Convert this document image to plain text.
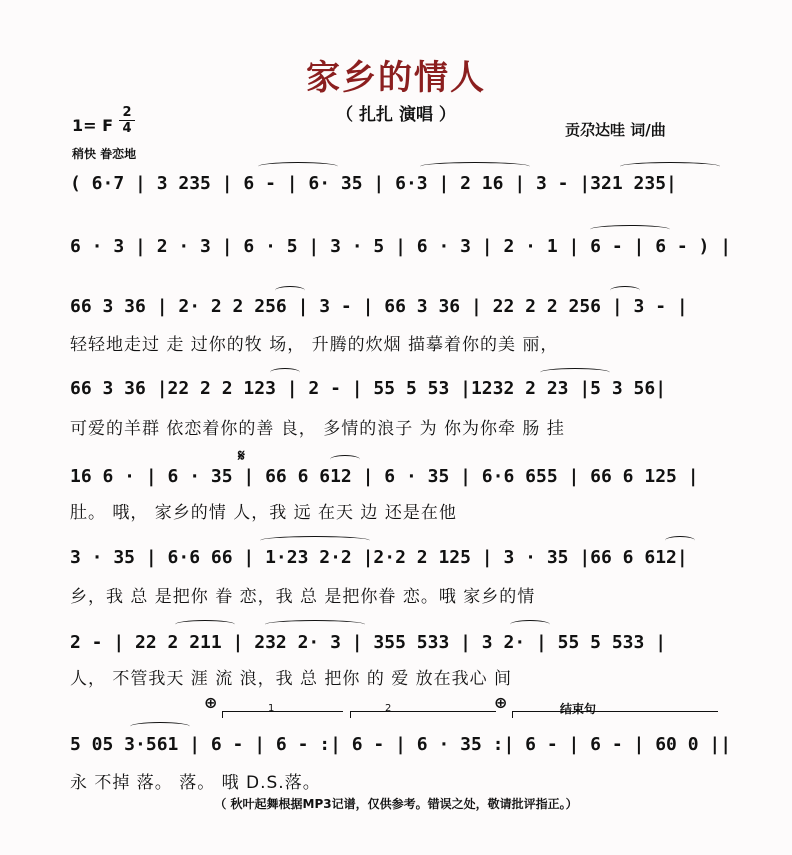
家乡的情人
（ 扎扎 演唱 ）
贡尕达哇 词/曲
1= F
2
4
稍快 眷恋地
( 6·7 | 3 235 | 6 - | 6· 35 | 6·3 | 2 16 | 3 - |321 235|
6 · 3 | 2 · 3 | 6 · 5 | 3 · 5 | 6 · 3 | 2 · 1 | 6 - | 6 - ) |
66 3 36 | 2· 2 2 256 | 3 - | 66 3 36 | 22 2 2 256 | 3 - |
轻轻地走过 走 过你的牧 场， 升腾的炊烟 描摹着你的美 丽，
66 3 36 |22 2 2 123 | 2 - | 55 5 53 |1232 2 23 |5 3 56|
可爱的羊群 依恋着你的善 良， 多情的浪子 为 你为你牵 肠 挂
16 6 · | 6 · 35 | 66 6 612 | 6 · 35 | 6·6 655 | 66 6 125 |
𝄋
肚。 哦， 家乡的情 人，我 远 在天 边 还是在他
3 · 35 | 6·6 66 | 1·23 2·2 |2·2 2 125 | 3 · 35 |66 6 612|
乡，我 总 是把你 眷 恋，我 总 是把你眷 恋。哦 家乡的情
2 - | 22 2 211 | 232 2· 3 | 355 533 | 3 2· | 55 5 533 |
人， 不管我天 涯 流 浪，我 总 把你 的 爱 放在我心 间
⊕	⊕
1	2	结束句
5 05 3·561 | 6 - | 6 - :| 6 - | 6 · 35 :| 6 - | 6 - | 60 0 ||
永 不掉 落。 落。 哦 D.S.落。
（ 秋叶起舞根据MP3记谱，仅供参考。错误之处，敬请批评指正。）
